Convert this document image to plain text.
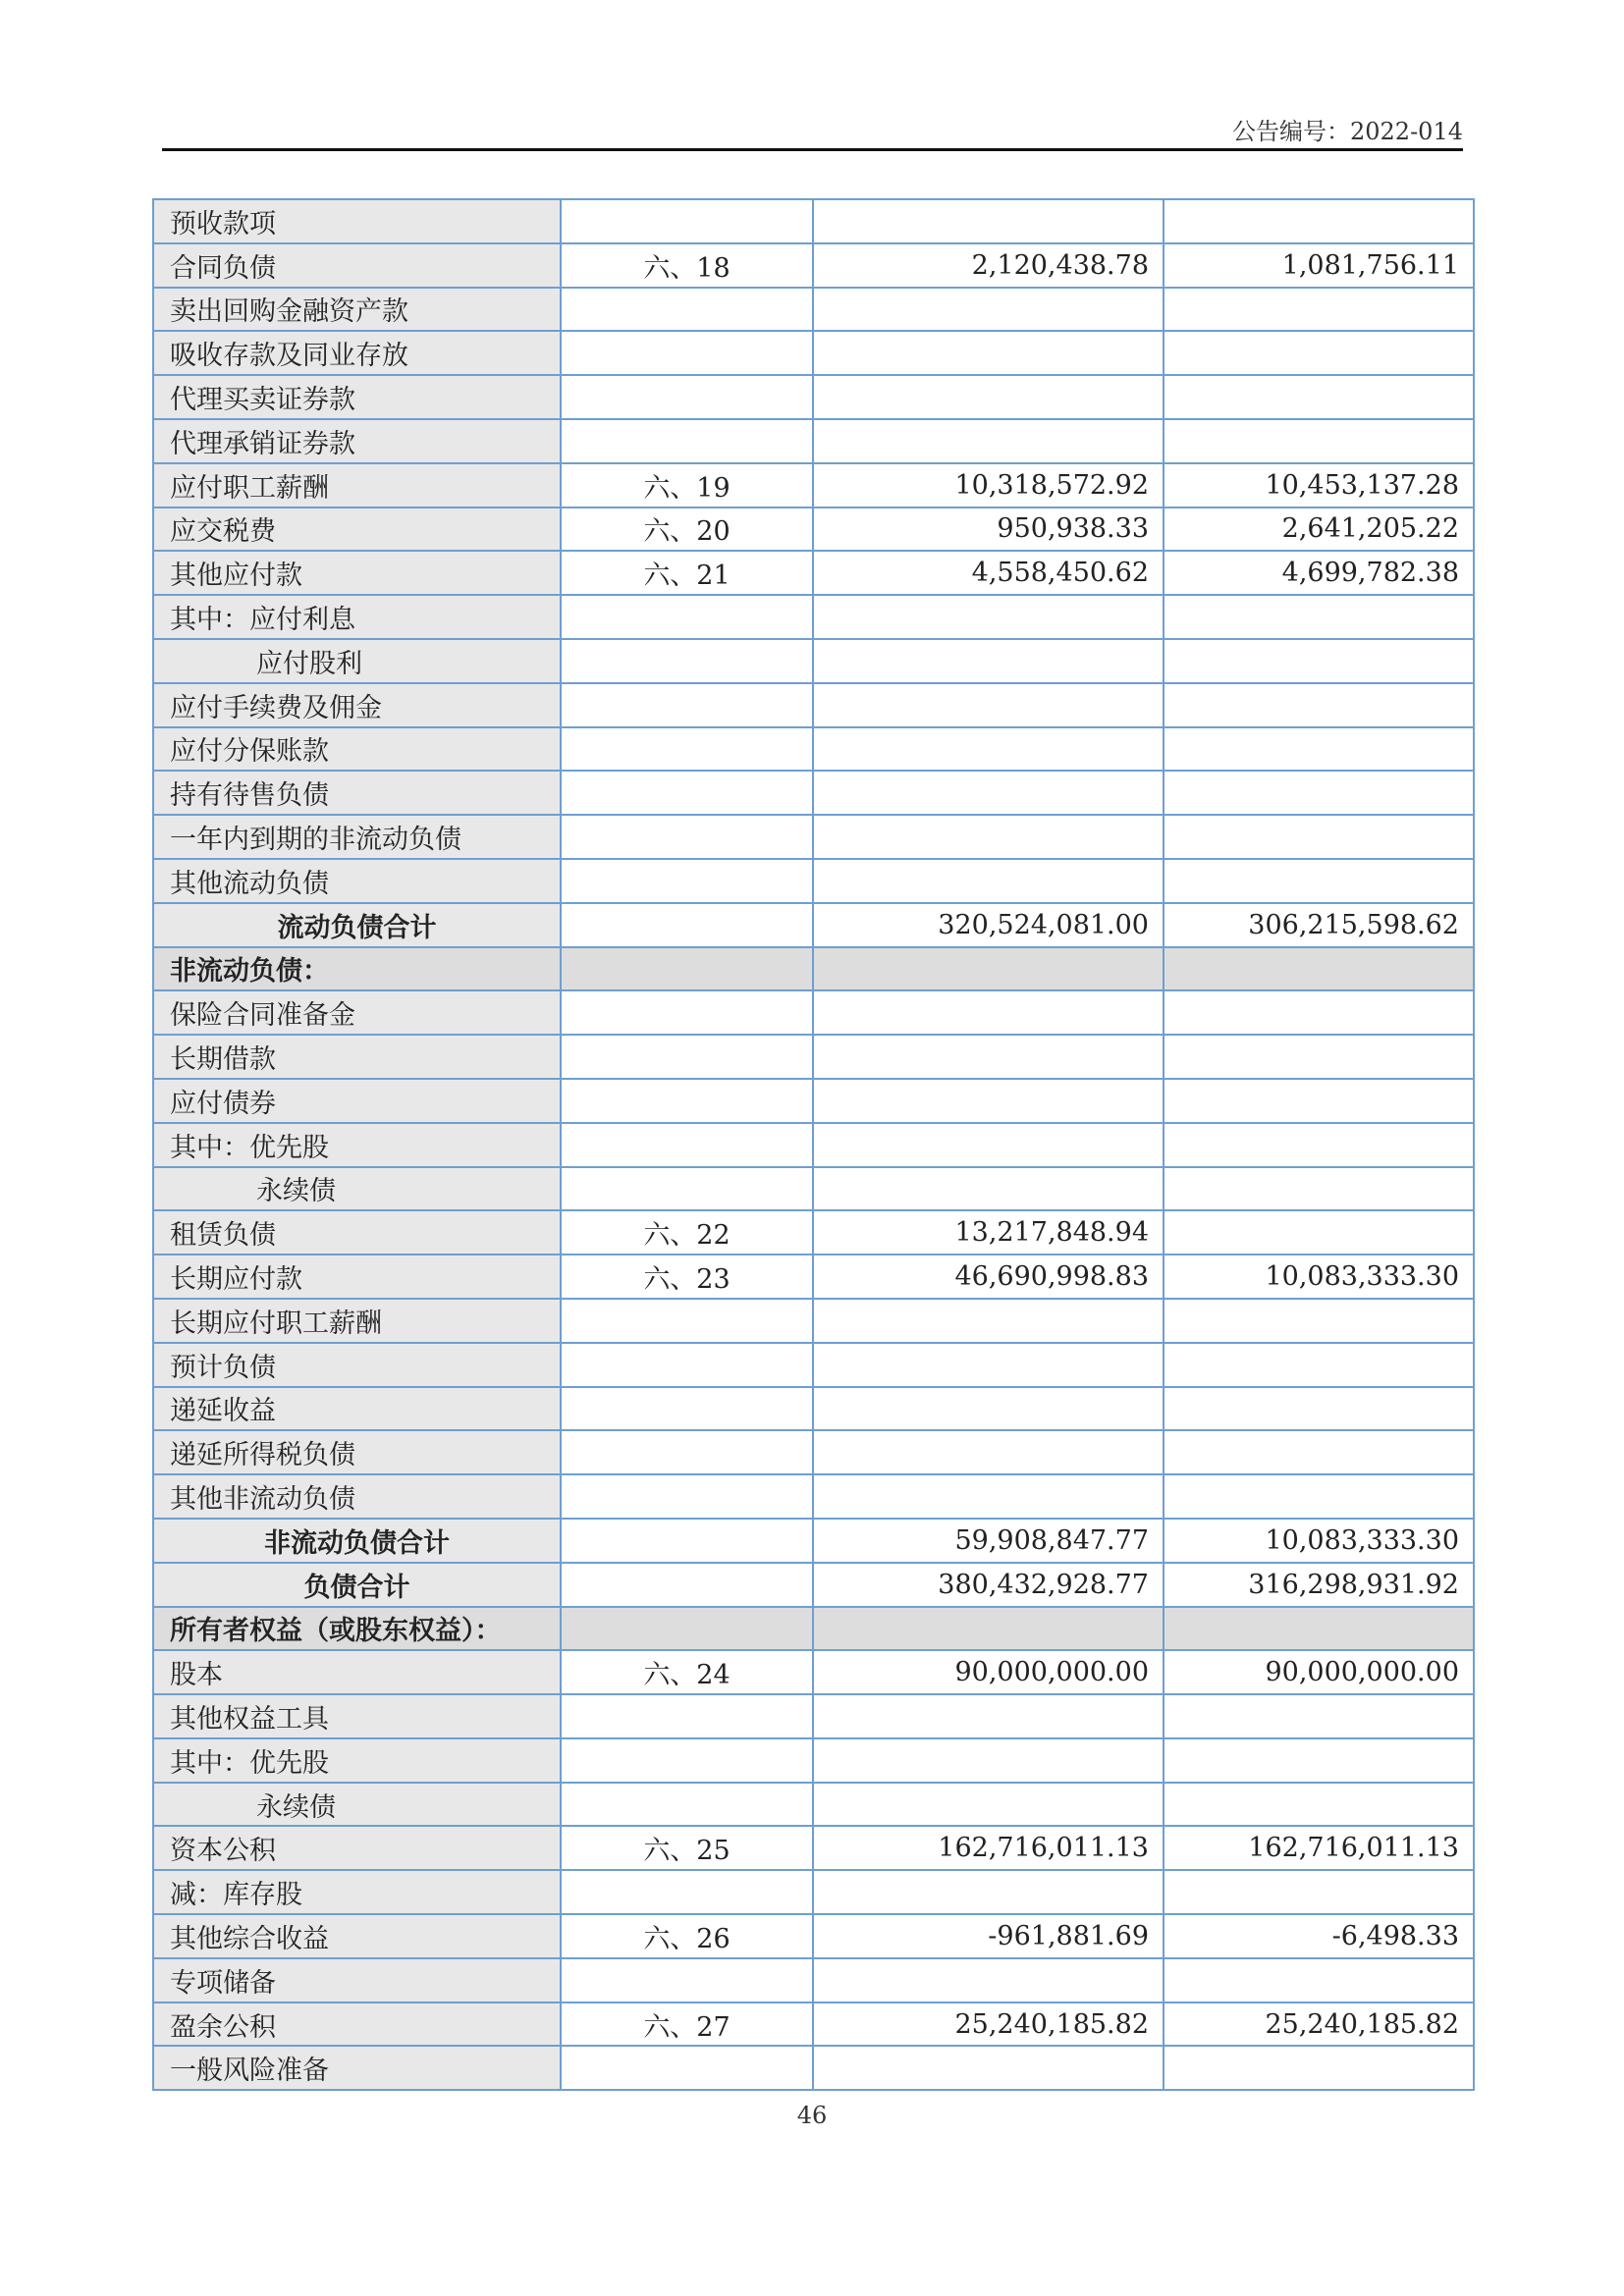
公告编号：2022-014
预收款项			
合同负债	六、18	2,120,438.78	1,081,756.11
卖出回购金融资产款			
吸收存款及同业存放			
代理买卖证券款			
代理承销证券款			
应付职工薪酬	六、19	10,318,572.92	10,453,137.28
应交税费	六、20	950,938.33	2,641,205.22
其他应付款	六、21	4,558,450.62	4,699,782.38
其中：应付利息			
应付股利			
应付手续费及佣金			
应付分保账款			
持有待售负债			
一年内到期的非流动负债			
其他流动负债			
流动负债合计		320,524,081.00	306,215,598.62
非流动负债：			
保险合同准备金			
长期借款			
应付债券			
其中：优先股			
永续债			
租赁负债	六、22	13,217,848.94	
长期应付款	六、23	46,690,998.83	10,083,333.30
长期应付职工薪酬			
预计负债			
递延收益			
递延所得税负债			
其他非流动负债			
非流动负债合计		59,908,847.77	10,083,333.30
负债合计		380,432,928.77	316,298,931.92
所有者权益（或股东权益）：			
股本	六、24	90,000,000.00	90,000,000.00
其他权益工具			
其中：优先股			
永续债			
资本公积	六、25	162,716,011.13	162,716,011.13
减：库存股			
其他综合收益	六、26	-961,881.69	-6,498.33
专项储备			
盈余公积	六、27	25,240,185.82	25,240,185.82
一般风险准备			
46
